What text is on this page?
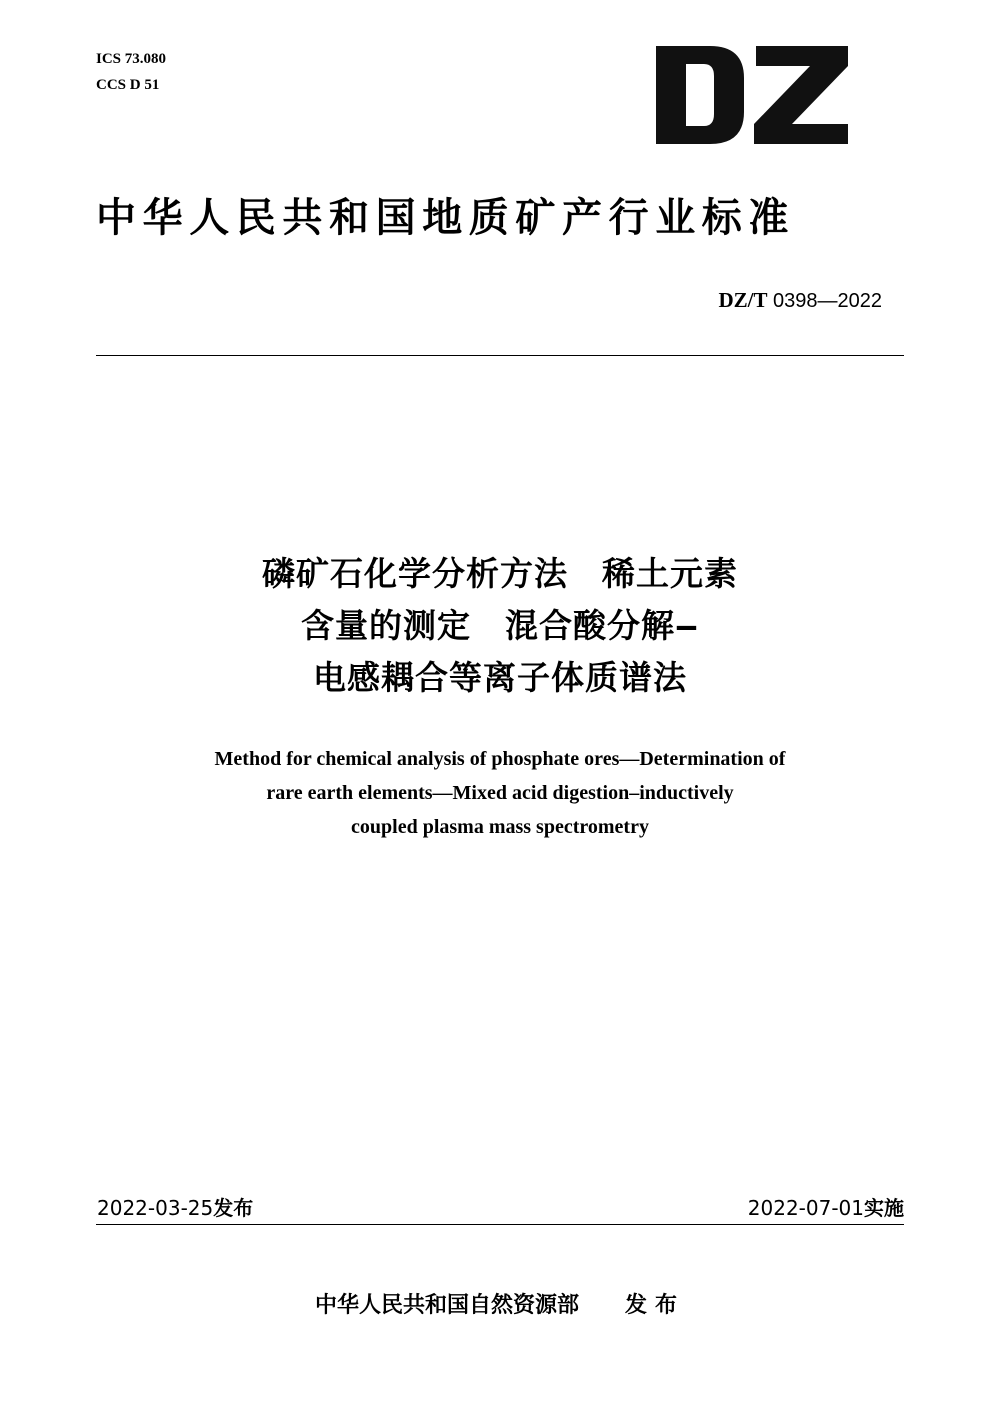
ICS 73.080
CCS D 51
中华人民共和国地质矿产行业标准
DZ/T 0398—2022
磷矿石化学分析方法　稀土元素
含量的测定　混合酸分解‒
电感耦合等离子体质谱法
Method for chemical analysis of phosphate ores—Determination of
rare earth elements—Mixed acid digestion‒inductively
coupled plasma mass spectrometry
2022-03-25发布	2022-07-01实施
中华人民共和国自然资源部 发布
